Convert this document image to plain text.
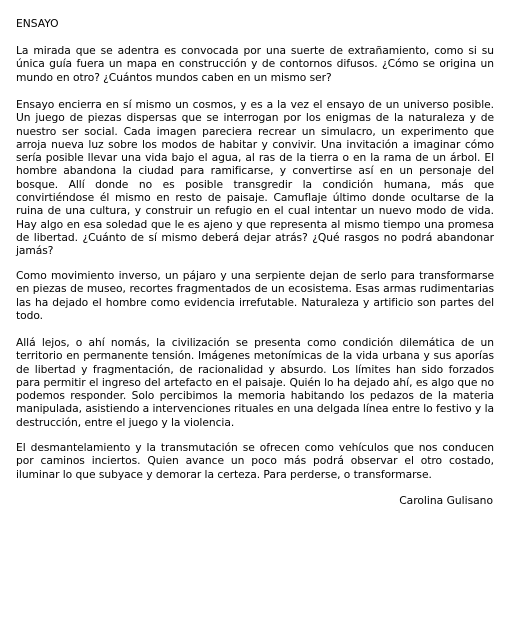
ENSAYO

La mirada que se adentra es convocada por una suerte de extrañamiento, como si su única guía fuera un mapa en construcción y de contornos difusos. ¿Cómo se origina un mundo en otro? ¿Cuántos mundos caben en un mismo ser?

Ensayo encierra en sí mismo un cosmos, y es a la vez el ensayo de un universo posible. Un juego de piezas dispersas que se interrogan por los enigmas de la naturaleza y de nuestro ser social. Cada imagen pareciera recrear un simulacro, un experimento que arroja nueva luz sobre los modos de habitar y convivir. Una invitación a imaginar cómo sería posible llevar una vida bajo el agua, al ras de la tierra o en la rama de un árbol. El hombre abandona la ciudad para ramificarse, y convertirse así en un personaje del bosque. Allí donde no es posible transgredir la condición humana, más que convirtiéndose él mismo en resto de paisaje. Camuflaje último donde ocultarse de la ruina de una cultura, y construir un refugio en el cual intentar un nuevo modo de vida. Hay algo en esa soledad que le es ajeno y que representa al mismo tiempo una promesa de libertad. ¿Cuánto de sí mismo deberá dejar atrás? ¿Qué rasgos no podrá abandonar jamás?

Como movimiento inverso, un pájaro y una serpiente dejan de serlo para transformarse en piezas de museo, recortes fragmentados de un ecosistema. Esas armas rudimentarias las ha dejado el hombre como evidencia irrefutable. Naturaleza y artificio son partes del todo.

Allá lejos, o ahí nomás, la civilización se presenta como condición dilemática de un territorio en permanente tensión. Imágenes metonímicas de la vida urbana y sus aporías de libertad y fragmentación, de racionalidad y absurdo. Los límites han sido forzados para permitir el ingreso del artefacto en el paisaje. Quién lo ha dejado ahí, es algo que no podemos responder. Solo percibimos la memoria habitando los pedazos de la materia manipulada, asistiendo a intervenciones rituales en una delgada línea entre lo festivo y la destrucción, entre el juego y la violencia.

El desmantelamiento y la transmutación se ofrecen como vehículos que nos conducen por caminos inciertos. Quien avance un poco más podrá observar el otro costado, iluminar lo que subyace y demorar la certeza. Para perderse, o transformarse.

Carolina Gulisano
